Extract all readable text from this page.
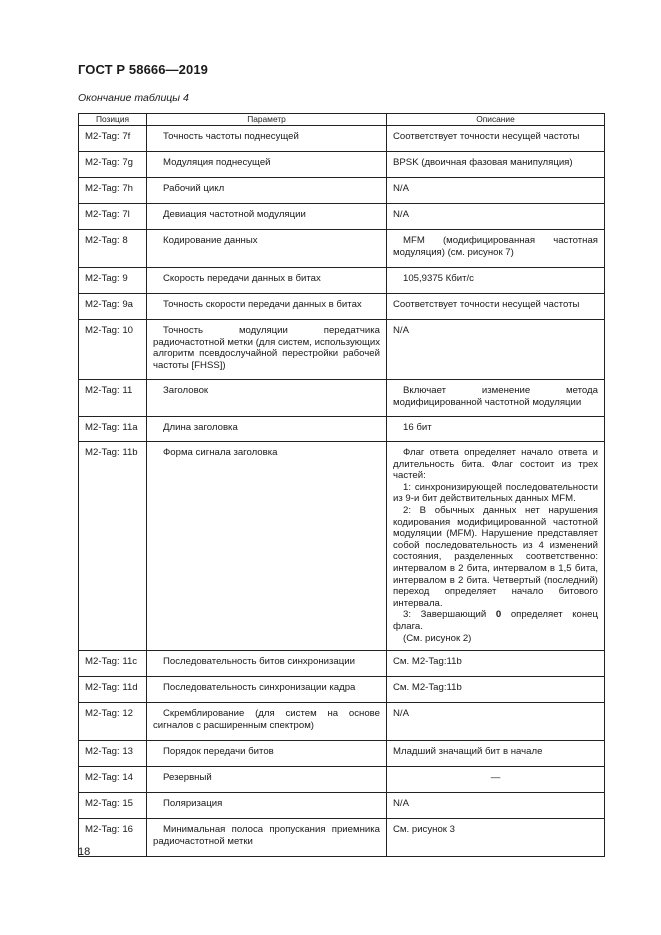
ГОСТ Р 58666—2019
Окончание таблицы 4
Позиция	Параметр	Описание
M2-Tag: 7f	Точность частоты поднесущей	Соответствует точности несущей частоты
M2-Tag: 7g	Модуляция поднесущей	BPSK (двоичная фазовая манипуляция)
M2-Tag: 7h	Рабочий цикл	N/A
M2-Tag: 7l	Девиация частотной модуляции	N/A
M2-Tag: 8	Кодирование данных	MFM (модифицированная частотная модуляция) (см. рисунок 7)
M2-Tag: 9	Скорость передачи данных в битах	105,9375 Кбит/с
M2-Tag: 9a	Точность скорости передачи данных в битах	Соответствует точности несущей частоты
M2-Tag: 10	Точность модуляции передатчика радиочастотной метки (для систем, использующих алгоритм псевдослучайной перестройки рабочей частоты [FHSS])	N/A
M2-Tag: 11	Заголовок	Включает изменение метода модифицированной частотной модуляции
M2-Tag: 11a	Длина заголовка	16 бит
M2-Tag: 11b	Форма сигнала заголовка	Флаг ответа определяет начало ответа и длительность бита. Флаг состоит из трех частей:
1: синхронизирующей последовательности из 9-и бит действительных данных MFM.
2: В обычных данных нет нарушения кодирования модифицированной частотной модуляции (MFM). Нарушение представляет собой последовательность из 4 изменений состояния, разделенных соответственно: интервалом в 2 бита, интервалом в 1,5 бита, интервалом в 2 бита. Четвертый (последний) переход определяет начало битового интервала.
3: Завершающий 0 определяет конец флага.
(См. рисунок 2)

M2-Tag: 11c	Последовательность битов синхронизации	См. M2-Tag:11b
M2-Tag: 11d	Последовательность синхронизации кадра	См. M2-Tag:11b
M2-Tag: 12	Скремблирование (для систем на основе сигналов с расширенным спектром)	N/A
M2-Tag: 13	Порядок передачи битов	Младший значащий бит в начале
M2-Tag: 14	Резервный	—
M2-Tag: 15	Поляризация	N/A
M2-Tag: 16	Минимальная полоса пропускания приемника радиочастотной метки	См. рисунок 3
18
